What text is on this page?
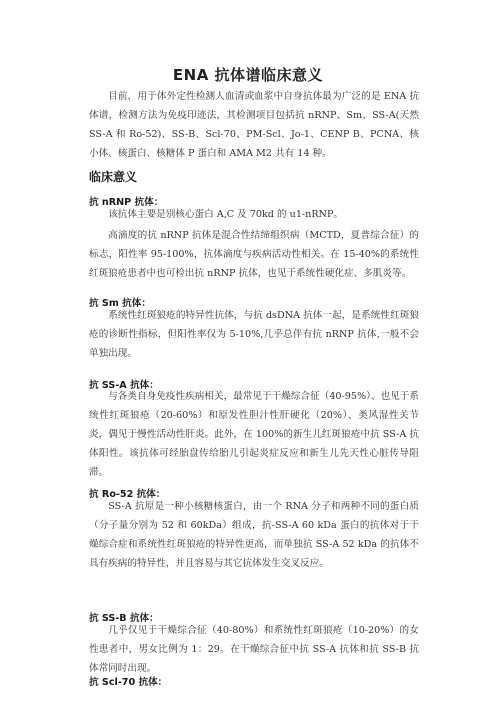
ENA 抗体谱临床意义

目前，用于体外定性检测人血清或血浆中自身抗体最为广泛的是 ENA 抗体谱，检测方法为免疫印迹法，其检测项目包括抗 nRNP、Sm、SS-A(天然 SS-A 和 Ro-52)、SS-B、Scl-70、PM-Scl、Jo-1、CENP B、PCNA、核小体、核蛋白、核糖体 P 蛋白和 AMA M2 共有 14 种。

临床意义
抗 nRNP 抗体：

该抗体主要是别核心蛋白 A,C 及 70kd 的 u1-nRNP。

高滴度的抗 nRNP 抗体是混合性结缔组织病（MCTD，夏普综合征）的标志，阳性率 95-100%，抗体滴度与疾病活动性相关。在 15-40%的系统性红斑狼疮患者中也可检出抗 nRNP 抗体，也见于系统性硬化症、多肌炎等。

抗 Sm 抗体：

系统性红斑狼疮的特异性抗体，与抗 dsDNA 抗体一起，是系统性红斑狼疮的诊断性指标，但阳性率仅为 5-10%,几乎总伴有抗 nRNP 抗体,一般不会单独出现。

抗 SS-A 抗体：

与各类自身免疫性疾病相关，最常见于干燥综合征（40-95%）、也见于系统性红斑狼疮（20-60%）和原发性胆汁性肝硬化（20%）、类风湿性关节炎，偶见于慢性活动性肝炎。此外，在 100%的新生儿红斑狼疮中抗 SS-A 抗体阳性。该抗体可经胎盘传给胎儿引起炎症反应和新生儿先天性心脏传导阻滞。

抗 Ro-52 抗体：

SS-A 抗原是一种小核糖核蛋白，由一个 RNA 分子和两种不同的蛋白质（分子量分别为 52 和 60kDa）组成，抗-SS-A 60 kDa 蛋白的抗体对于干燥综合症和系统性红斑狼疮的特异性更高，而单独抗 SS-A 52 kDa 的抗体不具有疾病的特异性，并且容易与其它抗体发生交叉反应。

抗 SS-B 抗体：

几乎仅见于干燥综合征（40-80%）和系统性红斑狼疮（10-20%）的女性患者中，男女比例为 1：29。在干燥综合征中抗 SS-A 抗体和抗 SS-B 抗体常同时出现。

抗 Scl-70 抗体：
